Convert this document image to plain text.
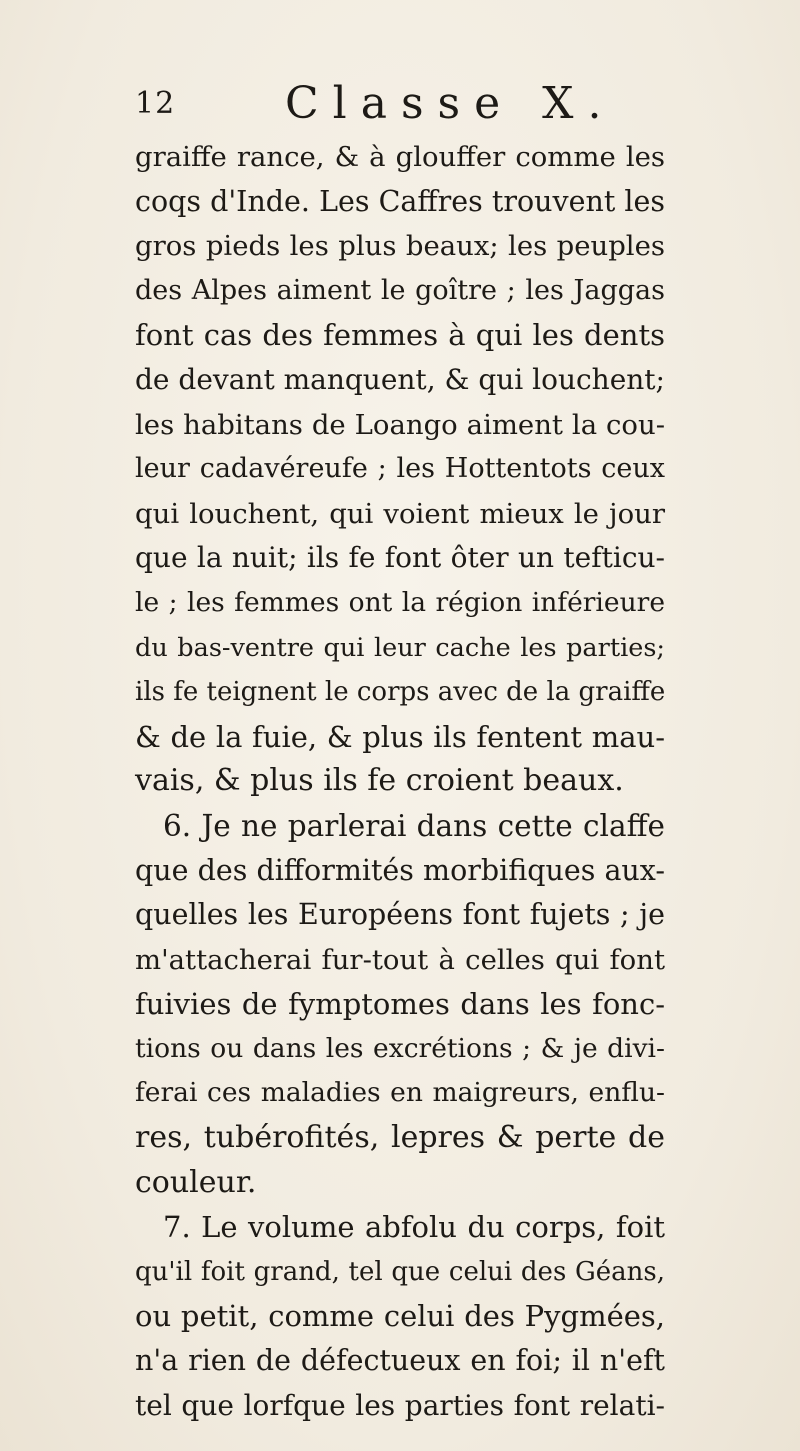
12 Classe X.
graiffe rance, & à glouffer comme les
coqs d'Inde. Les Caffres trouvent les
gros pieds les plus beaux; les peuples
des Alpes aiment le goître ; les Jaggas
font cas des femmes à qui les dents
de devant manquent, & qui louchent;
les habitans de Loango aiment la cou-
leur cadavéreufe ; les Hottentots ceux
qui louchent, qui voient mieux le jour
que la nuit; ils fe font ôter un tefticu-
le ; les femmes ont la région inférieure
du bas-ventre qui leur cache les parties;
ils fe teignent le corps avec de la graiffe
& de la fuie, & plus ils fentent mau-
vais, & plus ils fe croient beaux.
6. Je ne parlerai dans cette claffe
que des difformités morbifiques aux-
quelles les Européens font fujets ; je
m'attacherai fur-tout à celles qui font
fuivies de fymptomes dans les fonc-
tions ou dans les excrétions ; & je divi-
ferai ces maladies en maigreurs, enflu-
res, tubérofités, lepres & perte de
couleur.
7. Le volume abfolu du corps, foit
qu'il foit grand, tel que celui des Géans,
ou petit, comme celui des Pygmées,
n'a rien de défectueux en foi; il n'eft
tel que lorfque les parties font relati-
